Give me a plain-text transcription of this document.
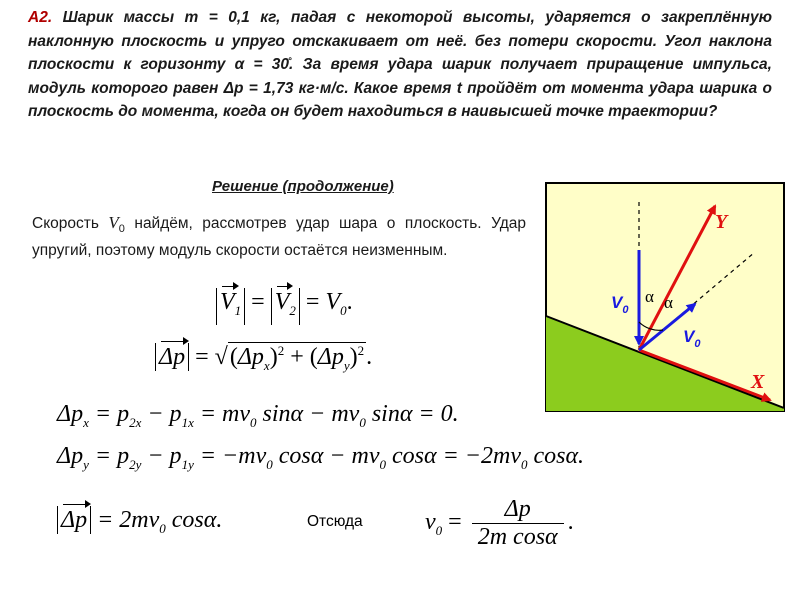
А2. Шарик массы m = 0,1 кг, падая с некоторой высоты, ударяется о закреплённую наклонную плоскость и упруго отскакивает от неё. без потери скорости. Угол наклона плоскости к горизонту α = 30̊. За время удара шарик получает приращение импульса, модуль которого равен Δp = 1,73 кг·м/с. Какое время t пройдёт от момента удара шарика о плоскость до момента, когда он будет находиться в наивысшей точке траектории?
Решение (продолжение)
Скорость $V_0$ найдём, рассмотрев удар шара о плоскость. Удар упругий, поэтому модуль скорости остаётся неизменным.
$V_1 = V_2 = V_0$.
$\Delta p = √(\Delta p_x)^2 + (\Delta p_y)^2$.
$\Delta p_x = p_{2x} - p_{1x} = mv_0$ $\sin\alpha - mv_0$ sinα = 0.
$\Delta p_y = p_{2y} - p_{1y} = -mv_0$ $\cos\alpha - mv_0$ $\cos\alpha = -2mv_0$ cosα.
$\Delta p = 2mv_0$ cosα.	Отсюда	$v_0 = \frac{\Delta p}{\text{2m cosα}}$ .
Y
X
α α
$V_0$
$V_0$
